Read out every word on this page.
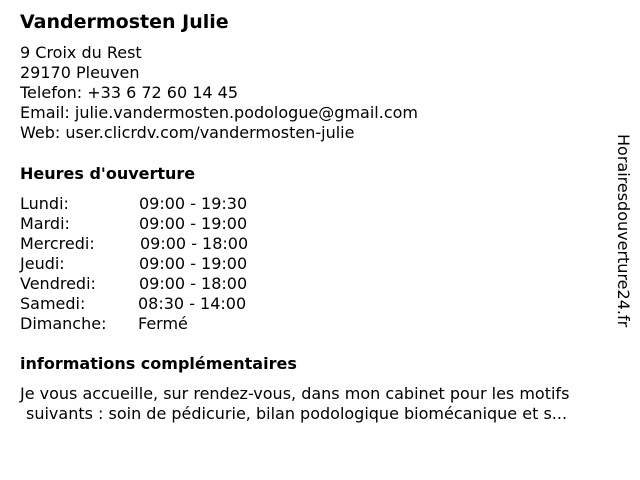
Vandermosten Julie
9 Croix du Rest
29170 Pleuven
Telefon: +33 6 72 60 14 45
Email: julie.vandermosten.podologue@gmail.com
Web: user.clicrdv.com/vandermosten-julie
Heures d'ouverture
Lundi:	09:00 - 19:30
Mardi:	09:00 - 19:00
Mercredi:	09:00 - 18:00
Jeudi:	09:00 - 19:00
Vendredi:	09:00 - 18:00
Samedi:	08:30 - 14:00
Dimanche: Fermé
informations complémentaires
Je vous accueille, sur rendez-vous, dans mon cabinet pour les motifs
suivants : soin de pédicurie, bilan podologique biomécanique et s...
Horairesdouverture24.fr
